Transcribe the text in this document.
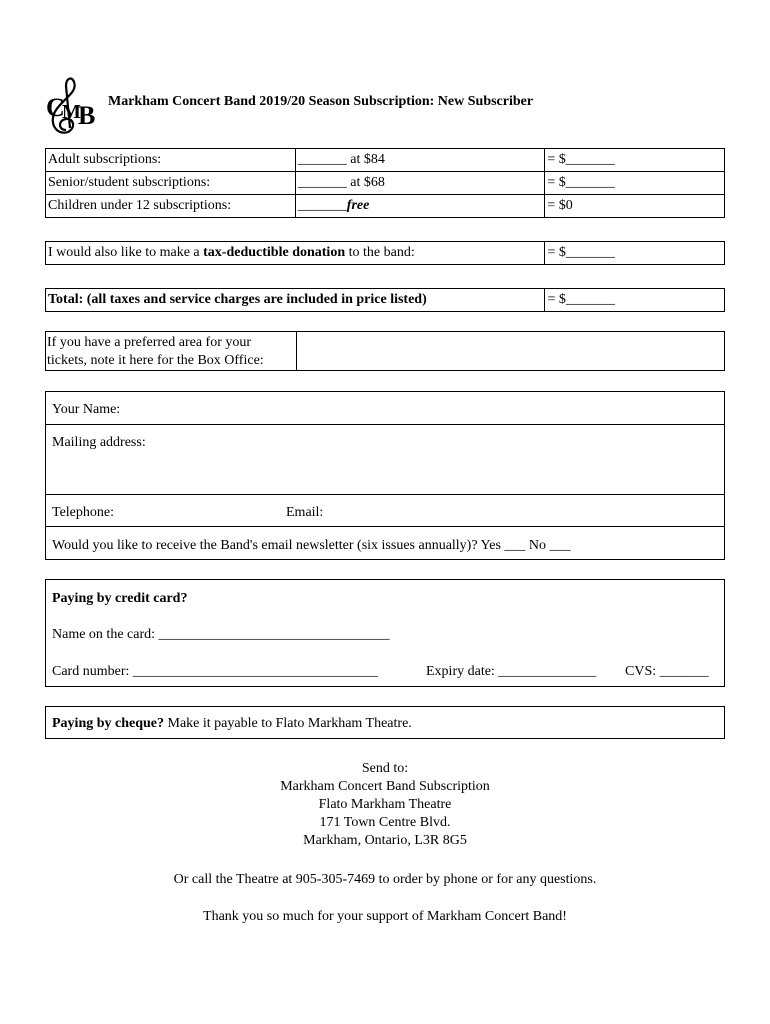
C
M
B Markham Concert Band 2019/20 Season Subscription: New Subscriber
Adult subscriptions:	_______ at $84	= $_______
Senior/student subscriptions:	_______ at $68	= $_______
Children under 12 subscriptions:	_______free	= $0
I would also like to make a tax-deductible donation to the band:	= $_______
Total: (all taxes and service charges are included in price listed)	= $_______
If you have a preferred area for your
tickets, note it here for the Box Office:
Your Name:
Mailing address:
Telephone:	Email:
Would you like to receive the Band's email newsletter (six issues annually)? Yes ___ No ___
Paying by credit card?
Name on the card: _________________________________
Card number: ___________________________________	Expiry date: ______________ CVS: _______
Paying by cheque? Make it payable to Flato Markham Theatre.
Send to:
Markham Concert Band Subscription
Flato Markham Theatre
171 Town Centre Blvd.
Markham, Ontario, L3R 8G5
Or call the Theatre at 905-305-7469 to order by phone or for any questions.
Thank you so much for your support of Markham Concert Band!
